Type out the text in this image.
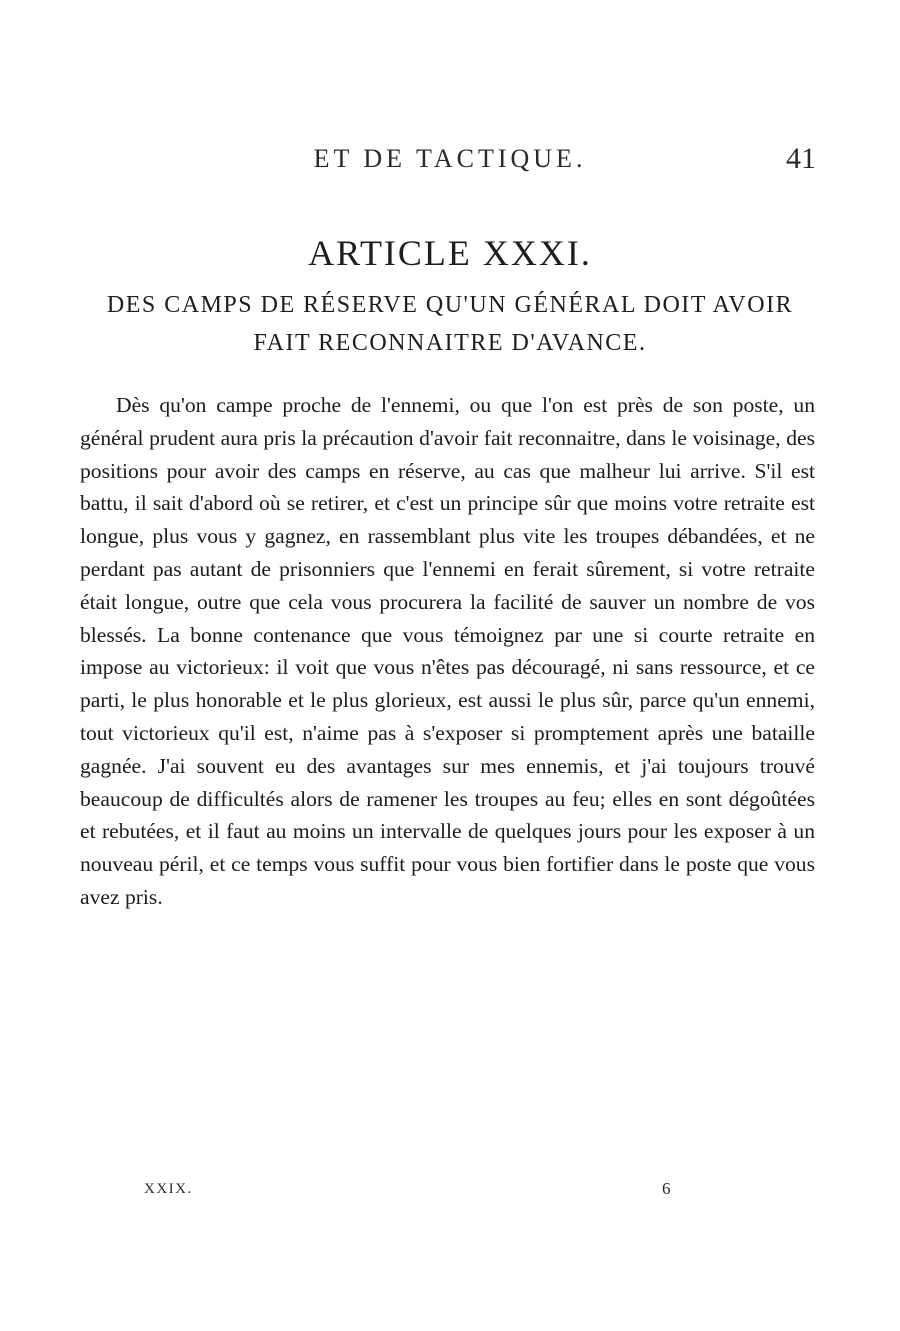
ET DE TACTIQUE.	41
ARTICLE XXXI.
DES CAMPS DE RÉSERVE QU'UN GÉNÉRAL DOIT AVOIR FAIT RECONNAITRE D'AVANCE.

Dès qu'on campe proche de l'ennemi, ou que l'on est près de son poste, un général prudent aura pris la précaution d'avoir fait reconnaitre, dans le voisinage, des positions pour avoir des camps en réserve, au cas que malheur lui arrive. S'il est battu, il sait d'abord où se retirer, et c'est un principe sûr que moins votre retraite est longue, plus vous y gagnez, en rassemblant plus vite les troupes débandées, et ne perdant pas autant de prisonniers que l'ennemi en ferait sûrement, si votre retraite était longue, outre que cela vous procurera la facilité de sauver un nombre de vos blessés. La bonne contenance que vous témoignez par une si courte retraite en impose au victorieux: il voit que vous n'êtes pas découragé, ni sans ressource, et ce parti, le plus honorable et le plus glorieux, est aussi le plus sûr, parce qu'un ennemi, tout victorieux qu'il est, n'aime pas à s'exposer si promptement après une bataille gagnée. J'ai souvent eu des avantages sur mes ennemis, et j'ai toujours trouvé beaucoup de difficultés alors de ramener les troupes au feu; elles en sont dégoûtées et rebutées, et il faut au moins un intervalle de quelques jours pour les exposer à un nouveau péril, et ce temps vous suffit pour vous bien fortifier dans le poste que vous avez pris.

XXIX.	6
